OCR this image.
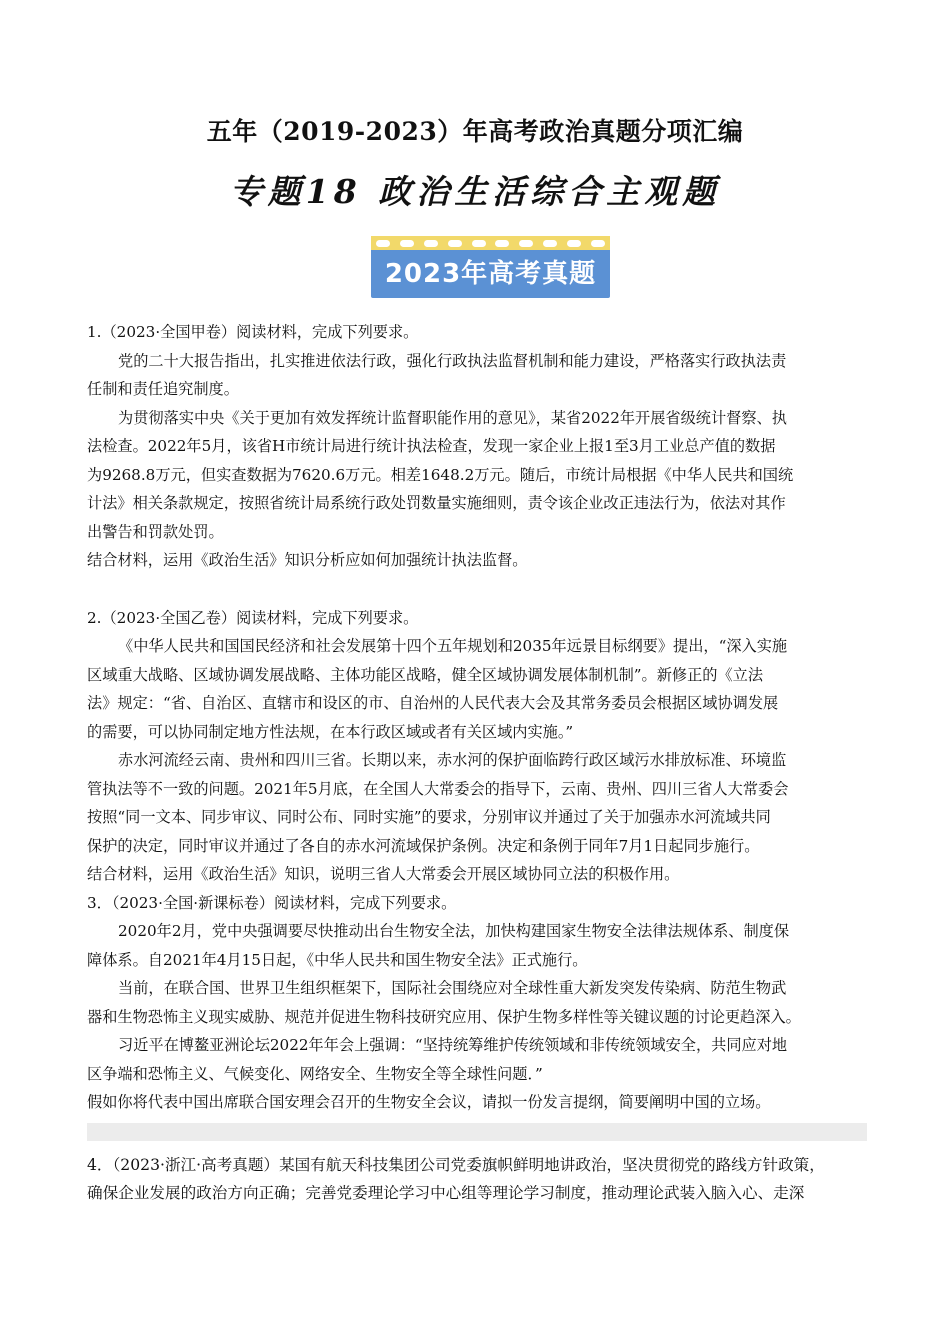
五年（2019-2023）年高考政治真题分项汇编
专题18 政治生活综合主观题
2023年高考真题
1.（2023·全国甲卷）阅读材料，完成下列要求。
党的二十大报告指出，扎实推进依法行政，强化行政执法监督机制和能力建设，严格落实行政执法责
任制和责任追究制度。
为贯彻落实中央《关于更加有效发挥统计监督职能作用的意见》，某省2022年开展省级统计督察、执
法检查。2022年5月，该省H市统计局进行统计执法检查，发现一家企业上报1至3月工业总产值的数据
为9268.8万元，但实查数据为7620.6万元。相差1648.2万元。随后，市统计局根据《中华人民共和国统
计法》相关条款规定，按照省统计局系统行政处罚数量实施细则，责令该企业改正违法行为，依法对其作
出警告和罚款处罚。
结合材料，运用《政治生活》知识分析应如何加强统计执法监督。
2.（2023·全国乙卷）阅读材料，完成下列要求。
《中华人民共和国国民经济和社会发展第十四个五年规划和2035年远景目标纲要》提出，“深入实施
区域重大战略、区域协调发展战略、主体功能区战略，健全区域协调发展体制机制”。新修正的《立法
法》规定：“省、自治区、直辖市和设区的市、自治州的人民代表大会及其常务委员会根据区域协调发展
的需要，可以协同制定地方性法规，在本行政区域或者有关区域内实施。”
赤水河流经云南、贵州和四川三省。长期以来，赤水河的保护面临跨行政区域污水排放标准、环境监
管执法等不一致的问题。2021年5月底，在全国人大常委会的指导下，云南、贵州、四川三省人大常委会
按照“同一文本、同步审议、同时公布、同时实施”的要求，分别审议并通过了关于加强赤水河流域共同
保护的决定，同时审议并通过了各自的赤水河流域保护条例。决定和条例于同年7月1日起同步施行。
结合材料，运用《政治生活》知识，说明三省人大常委会开展区域协同立法的积极作用。
3．（2023·全国·新课标卷）阅读材料，完成下列要求。
2020年2月，党中央强调要尽快推动出台生物安全法，加快构建国家生物安全法律法规体系、制度保
障体系。自2021年4月15日起，《中华人民共和国生物安全法》正式施行。
当前，在联合国、世界卫生组织框架下，国际社会围绕应对全球性重大新发突发传染病、防范生物武
器和生物恐怖主义现实威胁、规范并促进生物科技研究应用、保护生物多样性等关键议题的讨论更趋深入。
习近平在博鳌亚洲论坛2022年年会上强调：“坚持统筹维护传统领域和非传统领域安全，共同应对地
区争端和恐怖主义、气候变化、网络安全、生物安全等全球性问题．”
假如你将代表中国出席联合国安理会召开的生物安全会议，请拟一份发言提纲，简要阐明中国的立场。
4．（2023·浙江·高考真题）某国有航天科技集团公司党委旗帜鲜明地讲政治，坚决贯彻党的路线方针政策，
确保企业发展的政治方向正确；完善党委理论学习中心组等理论学习制度，推动理论武装入脑入心、走深
